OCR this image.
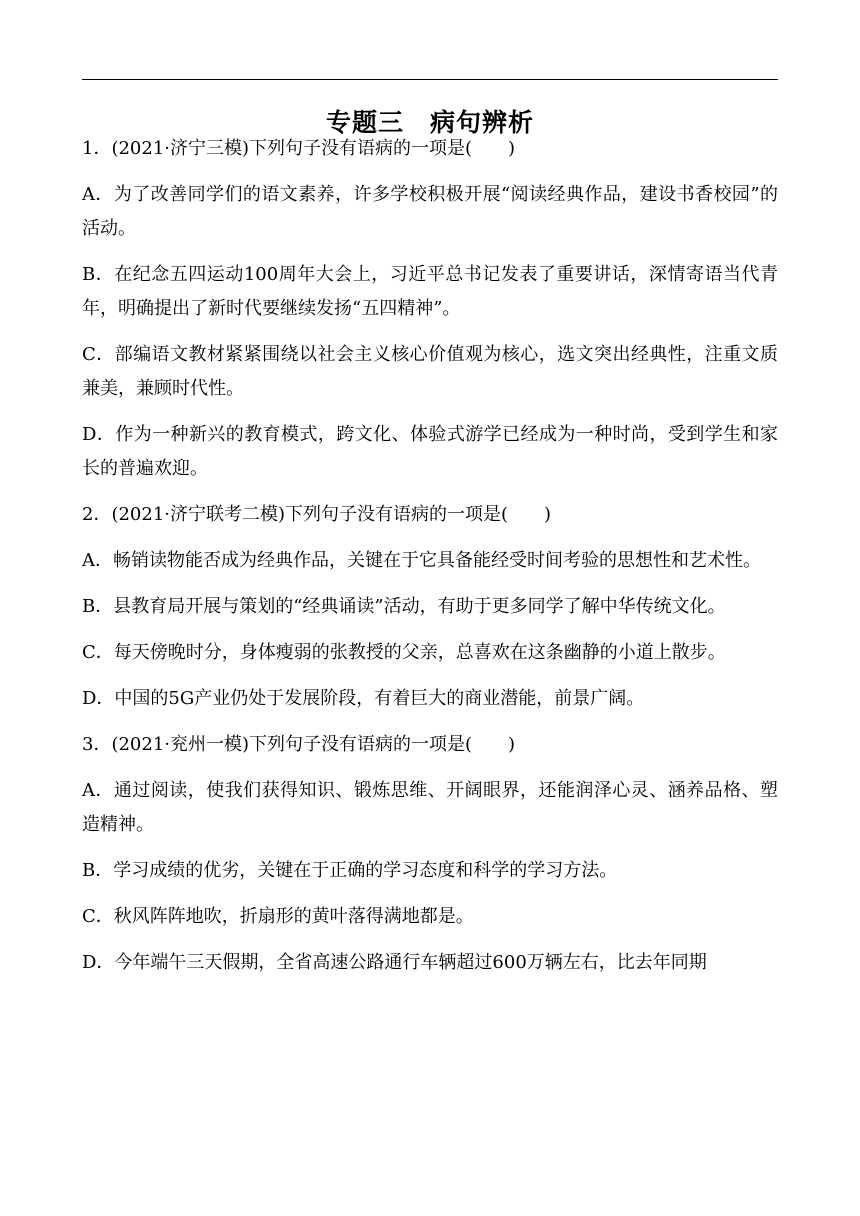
专题三　病句辨析

1．(2021·济宁三模)下列句子没有语病的一项是(　　)

A．为了改善同学们的语文素养，许多学校积极开展“阅读经典作品，建设书香校园”的活动。

B．在纪念五四运动100周年大会上，习近平总书记发表了重要讲话，深情寄语当代青年，明确提出了新时代要继续发扬“五四精神”。

C．部编语文教材紧紧围绕以社会主义核心价值观为核心，选文突出经典性，注重文质兼美，兼顾时代性。

D．作为一种新兴的教育模式，跨文化、体验式游学已经成为一种时尚，受到学生和家长的普遍欢迎。

2．(2021·济宁联考二模)下列句子没有语病的一项是(　　)

A．畅销读物能否成为经典作品，关键在于它具备能经受时间考验的思想性和艺术性。

B．县教育局开展与策划的“经典诵读”活动，有助于更多同学了解中华传统文化。

C．每天傍晚时分，身体瘦弱的张教授的父亲，总喜欢在这条幽静的小道上散步。

D．中国的5G产业仍处于发展阶段，有着巨大的商业潜能，前景广阔。

3．(2021·兖州一模)下列句子没有语病的一项是(　　)

A．通过阅读，使我们获得知识、锻炼思维、开阔眼界，还能润泽心灵、涵养品格、塑造精神。

B．学习成绩的优劣，关键在于正确的学习态度和科学的学习方法。

C．秋风阵阵地吹，折扇形的黄叶落得满地都是。

D．今年端午三天假期，全省高速公路通行车辆超过600万辆左右，比去年同期
